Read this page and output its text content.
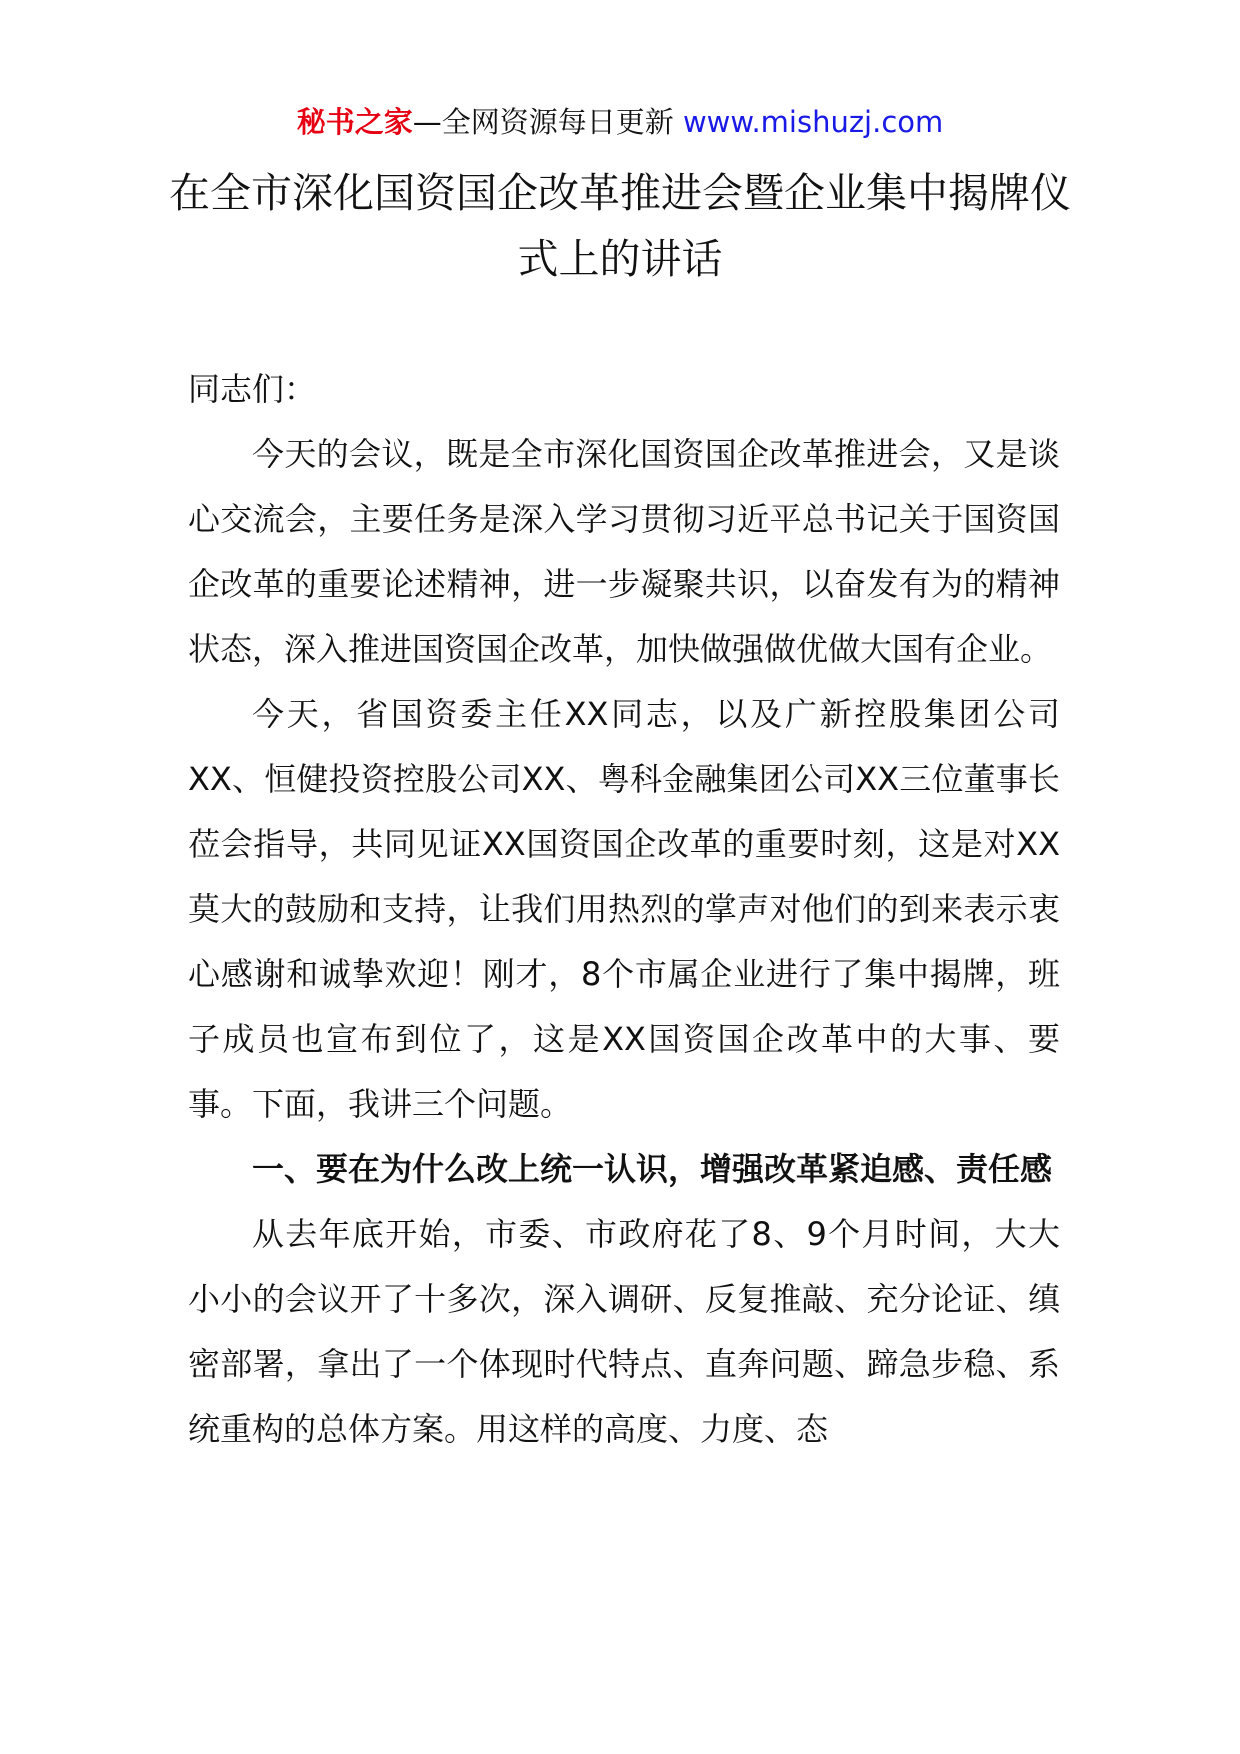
秘书之家—全网资源每日更新 www.mishuzj.com
在全市深化国资国企改革推进会暨企业集中揭牌仪式上的讲话

同志们：

今天的会议，既是全市深化国资国企改革推进会，又是谈心交流会，主要任务是深入学习贯彻习近平总书记关于国资国企改革的重要论述精神，进一步凝聚共识，以奋发有为的精神状态，深入推进国资国企改革，加快做强做优做大国有企业。

今天，省国资委主任XX同志，以及广新控股集团公司XX、恒健投资控股公司XX、粤科金融集团公司XX三位董事长莅会指导，共同见证XX国资国企改革的重要时刻，这是对XX莫大的鼓励和支持，让我们用热烈的掌声对他们的到来表示衷心感谢和诚挚欢迎！刚才，8个市属企业进行了集中揭牌，班子成员也宣布到位了，这是XX国资国企改革中的大事、要事。下面，我讲三个问题。

一、要在为什么改上统一认识，增强改革紧迫感、责任感

从去年底开始，市委、市政府花了8、9个月时间，大大小小的会议开了十多次，深入调研、反复推敲、充分论证、缜密部署，拿出了一个体现时代特点、直奔问题、蹄急步稳、系统重构的总体方案。用这样的高度、力度、态
